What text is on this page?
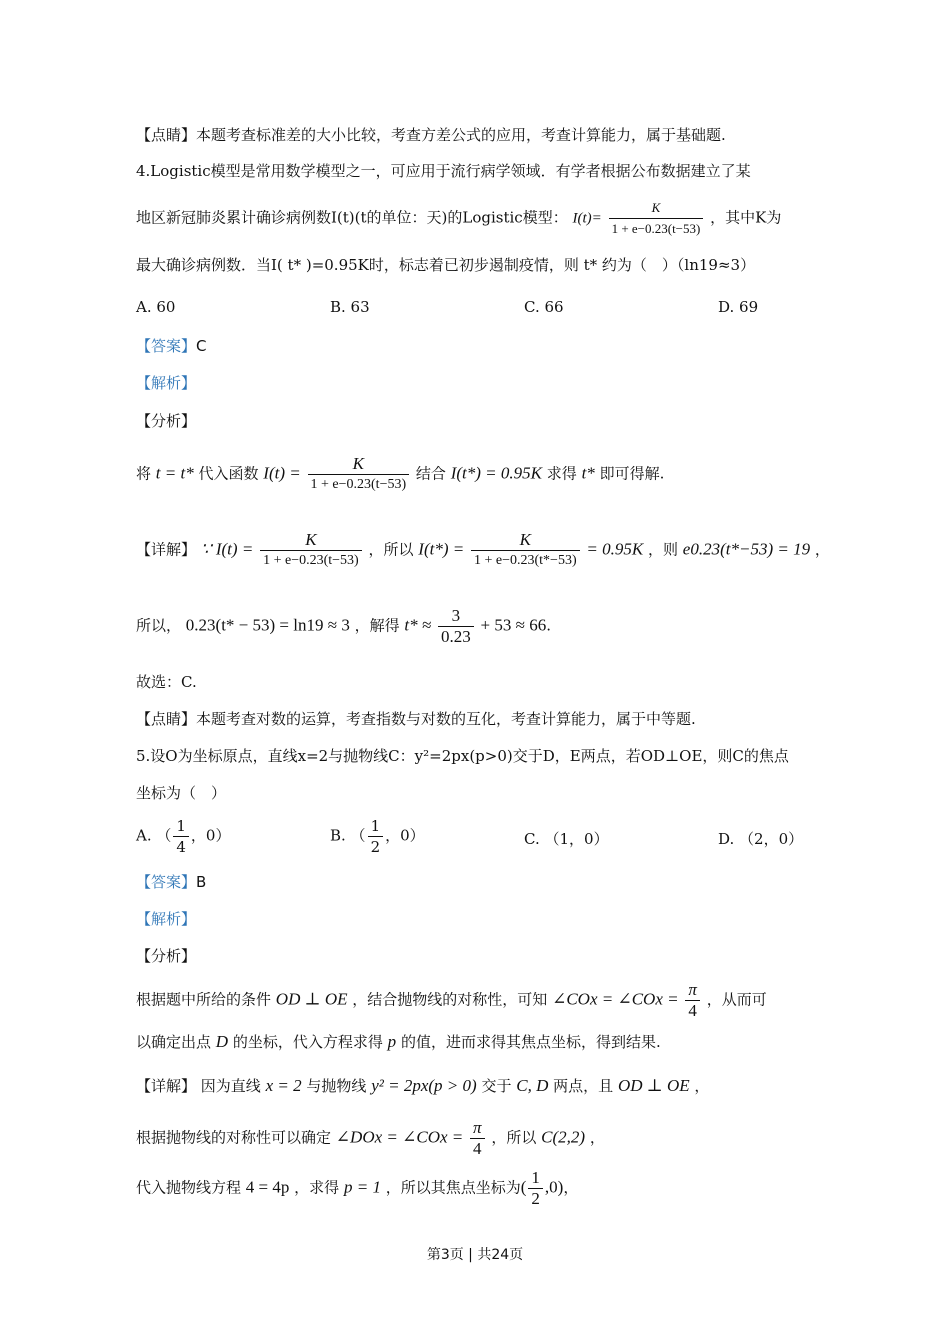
【点睛】本题考查标准差的大小比较，考查方差公式的应用，考查计算能力，属于基础题.
4.Logistic模型是常用数学模型之一，可应用于流行病学领域．有学者根据公布数据建立了某
地区新冠肺炎累计确诊病例数I(t)(t的单位：天)的Logistic模型： $I(t)= \frac{K}{1 + e-0.23(t-53)}$ ，其中K为
最大确诊病例数．当I( t* )=0.95K时，标志着已初步遏制疫情，则 t* 约为（　）（ln19≈3）
A. 60	B. 63	C. 66	D. 69
【答案】C
【解析】
【分析】
将 t = t* 代入函数 $I(t) = \frac{K}{1 + e-0.23(t-53)}$ 结合 I(t*) = 0.95K 求得 t* 即可得解.
【详解】 ∵ $I(t) = \frac{K}{1 + e-0.23(t-53)}$ ，所以 $I(t*) = \frac{K}{1 + e-0.23(t*-53)} = 0.95K$ ，则 e0.23(t*−53) = 19 ，
所以， 0.23(t* − 53) = ln19 ≈ 3 ，解得 $t* \approx \frac{3}{0.23} + 53 \approx 66$.
故选：C.
【点睛】本题考查对数的运算，考查指数与对数的互化，考查计算能力，属于中等题.
5.设O为坐标原点，直线x=2与抛物线C：y²=2px(p>0)交于D，E两点，若OD⊥OE，则C的焦点
坐标为（　）
A. （ $\frac{1}{4}$ ，0）	B. （ $\frac{1}{2}$ ，0）	C. （1，0）	D. （2，0）
【答案】B
【解析】
【分析】
根据题中所给的条件 OD ⊥ OE ，结合抛物线的对称性，可知 ∠COx = ∠COx = $\frac{\pi}{4}$ ，从而可
以确定出点 D 的坐标，代入方程求得 p 的值，进而求得其焦点坐标，得到结果.
【详解】 因为直线 x = 2 与抛物线 y² = 2px(p > 0) 交于 C, D 两点，且 OD ⊥ OE ，
根据抛物线的对称性可以确定 ∠DOx = ∠COx = $\frac{\pi}{4}$ ，所以 C(2,2) ，
代入抛物线方程 4 = 4p ，求得 p = 1 ，所以其焦点坐标为( $\frac{1}{2} ,0$)，
第3页 | 共24页
